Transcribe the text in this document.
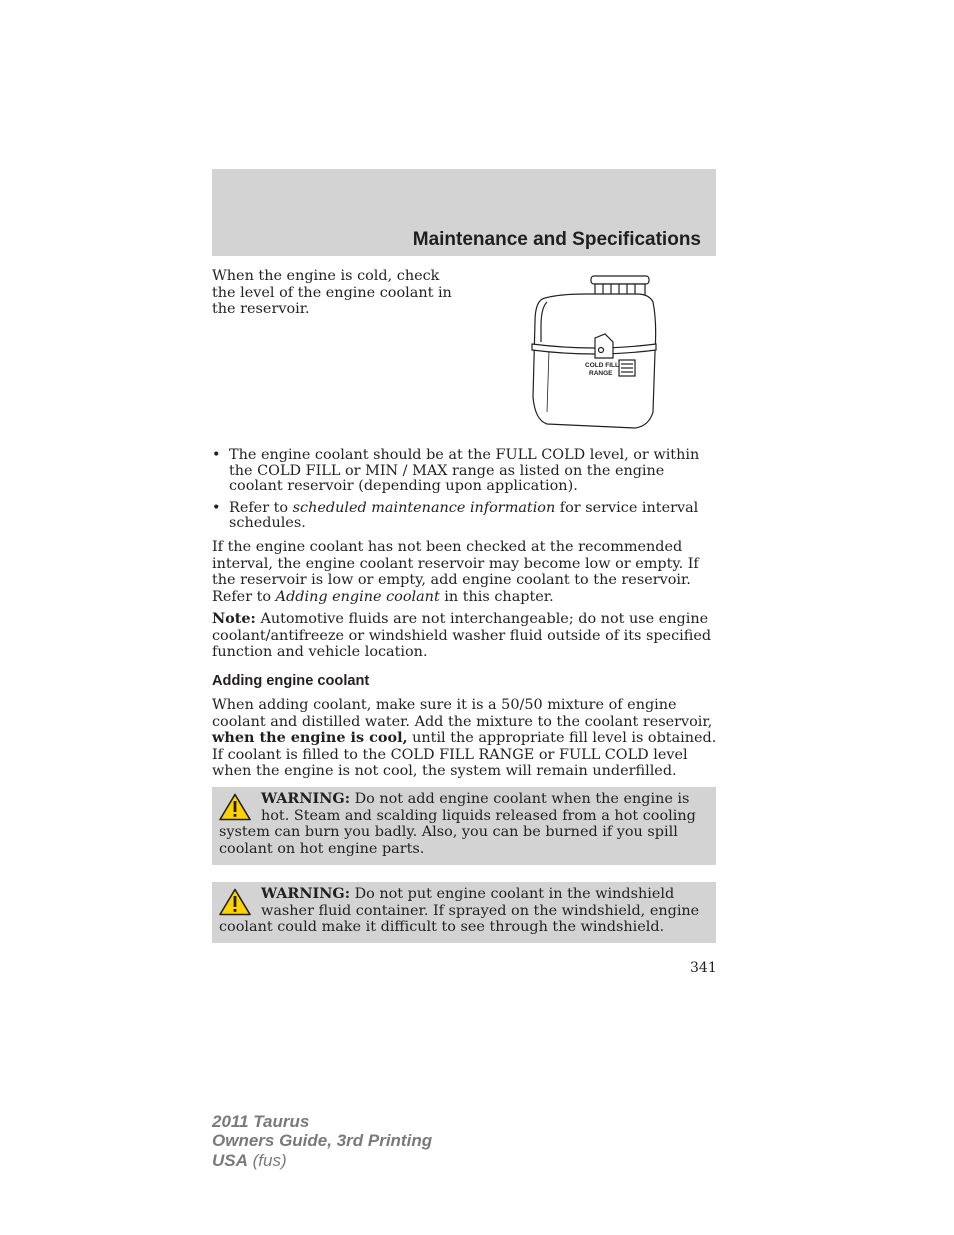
Maintenance and Specifications
When the engine is cold, check the level of the engine coolant in the reservoir.
COLD FILL
RANGE
• The engine coolant should be at the FULL COLD level, or within the COLD FILL or MIN / MAX range as listed on the engine coolant reservoir (depending upon application).
• Refer to scheduled maintenance information for service interval schedules.

If the engine coolant has not been checked at the recommended interval, the engine coolant reservoir may become low or empty. If the reservoir is low or empty, add engine coolant to the reservoir. Refer to Adding engine coolant in this chapter.

Note: Automotive fluids are not interchangeable; do not use engine coolant/antifreeze or windshield washer fluid outside of its specified function and vehicle location.

Adding engine coolant

When adding coolant, make sure it is a 50/50 mixture of engine coolant and distilled water. Add the mixture to the coolant reservoir, when the engine is cool, until the appropriate fill level is obtained. If coolant is filled to the COLD FILL RANGE or FULL COLD level when the engine is not cool, the system will remain underfilled.

WARNING: Do not add engine coolant when the engine is hot. Steam and scalding liquids released from a hot cooling system can burn you badly. Also, you can be burned if you spill coolant on hot engine parts.
WARNING: Do not put engine coolant in the windshield washer fluid container. If sprayed on the windshield, engine coolant could make it difficult to see through the windshield.
341
2011 Taurus
Owners Guide, 3rd Printing
USA (fus)
